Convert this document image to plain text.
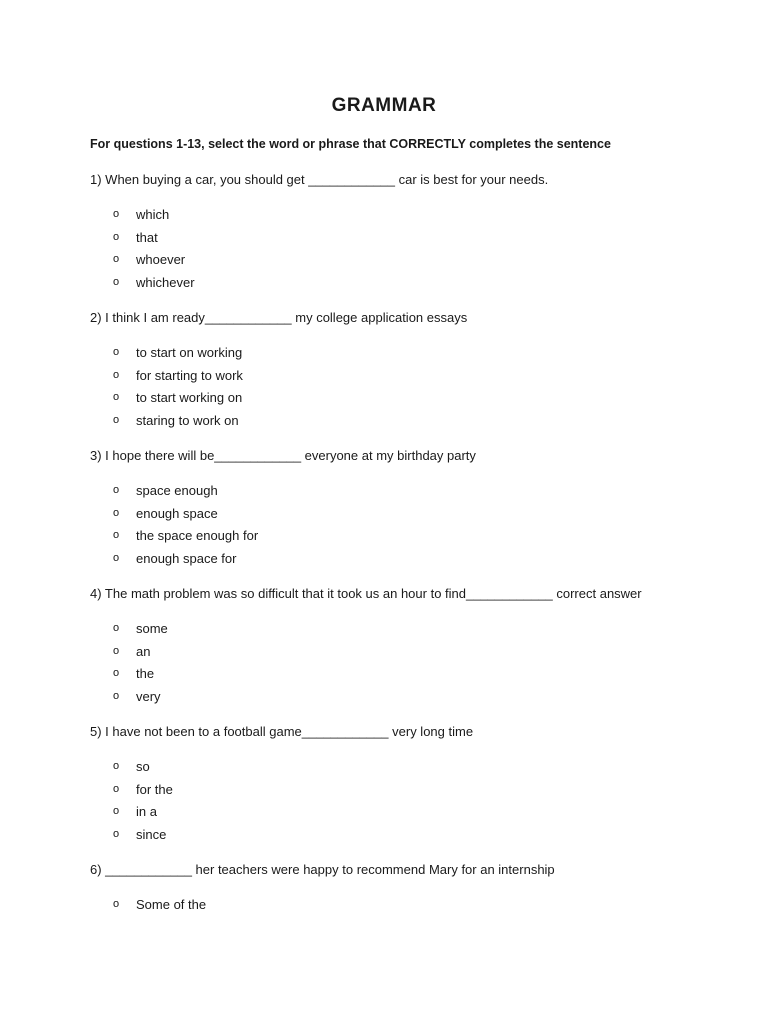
GRAMMAR
For questions 1-13, select the word or phrase that CORRECTLY completes the sentence
1) When buying a car, you should get ____________ car is best for your needs.
o	which
o	that
o	whoever
o	whichever
2) I think I am ready____________ my college application essays
o	to start on working
o	for starting to work
o	to start working on
o	staring to work on
3) I hope there will be____________ everyone at my birthday party
o	space enough
o	enough space
o	the space enough for
o	enough space for
4) The math problem was so difficult that it took us an hour to find____________ correct answer
o	some
o	an
o	the
o	very
5) I have not been to a football game____________ very long time
o	so
o	for the
o	in a
o	since
6) ____________ her teachers were happy to recommend Mary for an internship
o	Some of the
